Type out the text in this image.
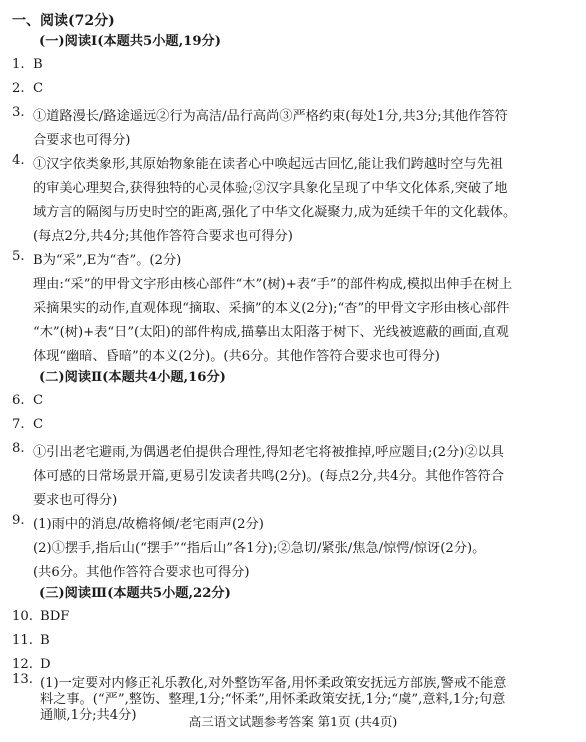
一、阅读(72分)
(一)阅读Ⅰ(本题共5小题,19分)
1. B
2. C
3. ①道路漫长/路途遥远②行为高洁/品行高尚③严格约束(每处1分,共3分;其他作答符
合要求也可得分)
4. ①汉字依类象形,其原始物象能在读者心中唤起远古回忆,能让我们跨越时空与先祖
的审美心理契合,获得独特的心灵体验;②汉字具象化呈现了中华文化体系,突破了地
域方言的隔阂与历史时空的距离,强化了中华文化凝聚力,成为延续千年的文化载体。
(每点2分,共4分;其他作答符合要求也可得分)
5. B为“采”,E为“杳”。(2分)
理由:“采”的甲骨文字形由核心部件“木”(树)+表“手”的部件构成,模拟出伸手在树上
采摘果实的动作,直观体现“摘取、采摘”的本义(2分);“杳”的甲骨文字形由核心部件
“木”(树)+表“日”(太阳)的部件构成,描摹出太阳落于树下、光线被遮蔽的画面,直观
体现“幽暗、昏暗”的本义(2分)。(共6分。其他作答符合要求也可得分)
(二)阅读Ⅱ(本题共4小题,16分)
6. C
7. C
8. ①引出老宅避雨,为偶遇老伯提供合理性,得知老宅将被推掉,呼应题目;(2分)②以具
体可感的日常场景开篇,更易引发读者共鸣(2分)。(每点2分,共4分。其他作答符合
要求也可得分)
9. (1)雨中的消息/故檐将倾/老宅雨声(2分)
(2)①摆手,指后山(“摆手”“指后山”各1分);②急切/紧张/焦急/惊愕/惊讶(2分)。
(共6分。其他作答符合要求也可得分)
(三)阅读Ⅲ(本题共5小题,22分)
10. BDF
11. B
12. D
13. (1)一定要对内修正礼乐教化,对外整饬军备,用怀柔政策安抚远方部族,警戒不能意
高三语文试题参考答案 第1页 (共4页)
料之事。(“严”,整饬、整理,1分;“怀柔”,用怀柔政策安抚,1分;“虞”,意料,1分;句意
通顺,1分;共4分)
